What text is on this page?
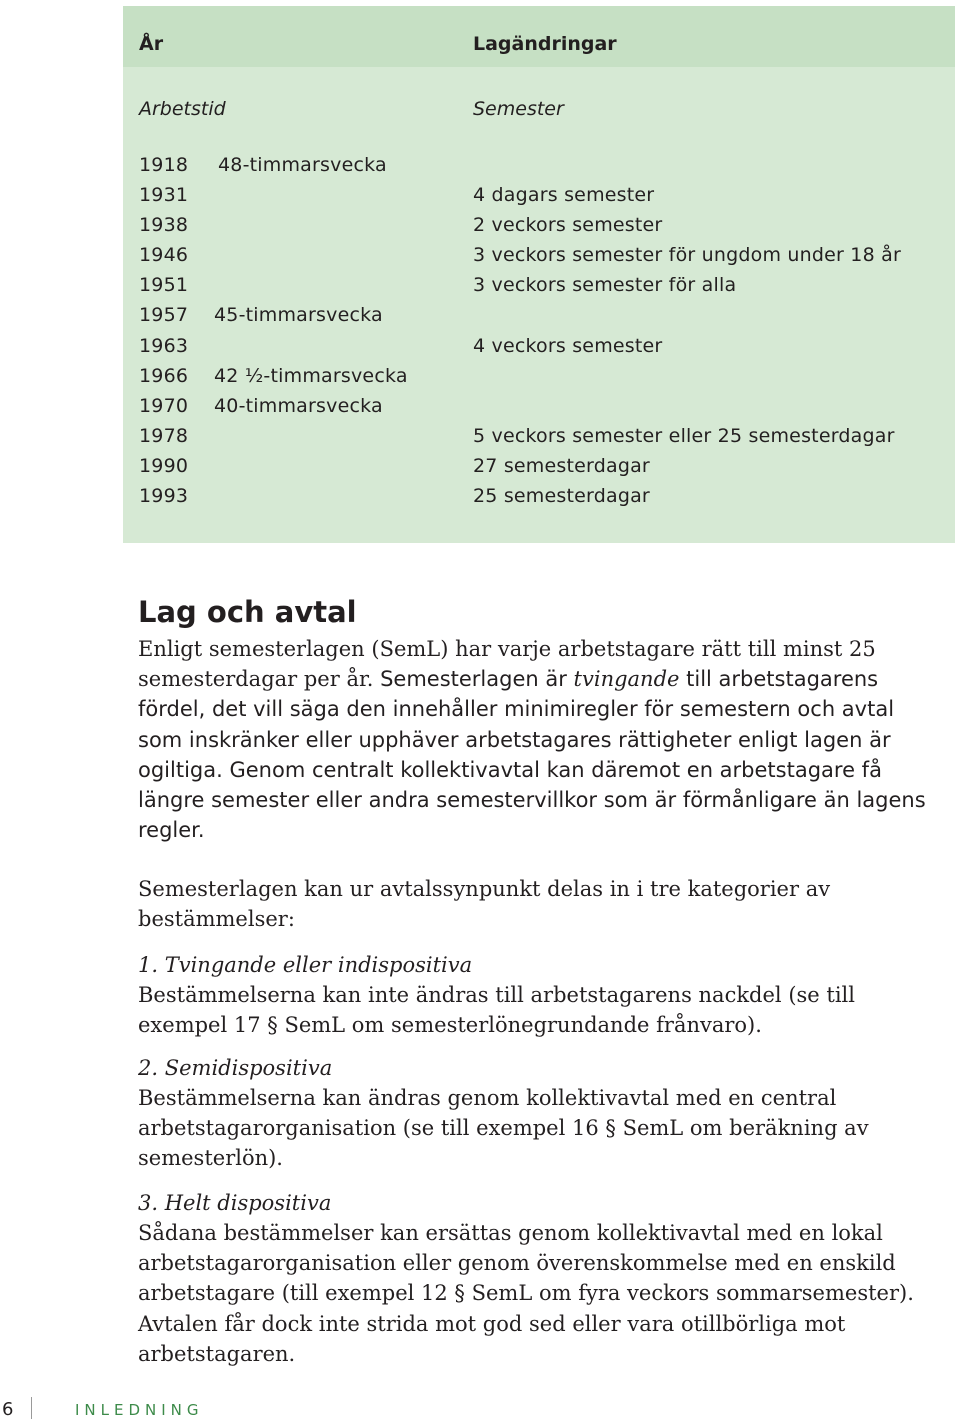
År	Lagändringar
Arbetstid	Semester
1918 48-timmarsvecka
1931	4 dagars semester
1938	2 veckors semester
1946	3 veckors semester för ungdom under 18 år
1951	3 veckors semester för alla
1957 45-timmarsvecka
1963	4 veckors semester
1966 42 ½-timmarsvecka
1970 40-timmarsvecka
1978	5 veckors semester eller 25 semesterdagar
1990	27 semesterdagar
1993	25 semesterdagar
Lag och avtal

Enligt semesterlagen (SemL) har varje arbetstagare rätt till minst 25 semesterdagar per år. Semesterlagen är tvingande till arbetstagarens fördel, det vill säga den innehåller minimiregler för semestern och avtal som inskränker eller upphäver arbetstagares rättigheter enligt lagen är ogiltiga. Genom centralt kollektivavtal kan däremot en arbetstagare få längre semester eller andra semestervillkor som är förmånligare än lagens regler.

Semesterlagen kan ur avtalssynpunkt delas in i tre kategorier av bestämmelser:

1. Tvingande eller indispositiva

Bestämmelserna kan inte ändras till arbetstagarens nackdel (se till exempel 17 § SemL om semesterlönegrundande frånvaro).

2. Semidispositiva

Bestämmelserna kan ändras genom kollektivavtal med en central arbetstagarorganisation (se till exempel 16 § SemL om beräkning av semesterlön).

3. Helt dispositiva

Sådana bestämmelser kan ersättas genom kollektivavtal med en lokal arbetstagarorganisation eller genom överenskommelse med en enskild arbetstagare (till exempel 12 § SemL om fyra veckors sommarsemester). Avtalen får dock inte strida mot god sed eller vara otillbörliga mot arbetstagaren.

6	INLEDNING
